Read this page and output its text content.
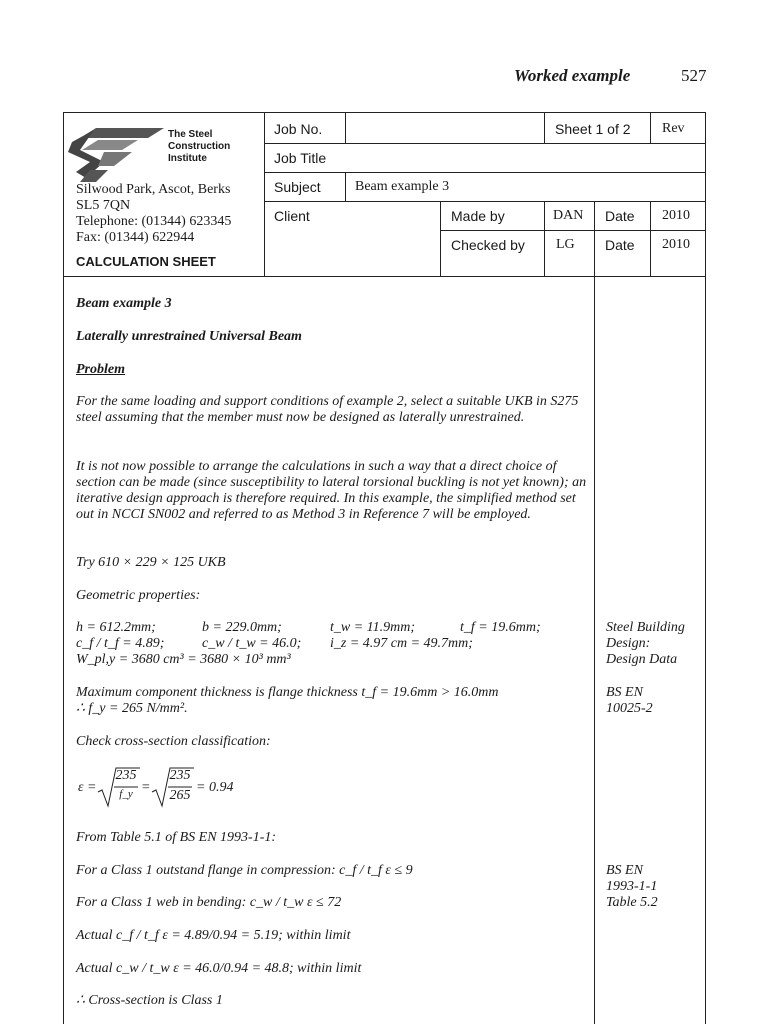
Worked example	527
The Steel
Construction
Institute
Silwood Park, Ascot, Berks
SL5 7QN
Telephone: (01344) 623345
Fax: (01344) 622944
CALCULATION SHEET
Job No.	Sheet 1 of 2 Rev
Job Title
Subject Beam example 3
Client	Made by	DAN Date 2010
Checked by LG Date 2010
Beam example 3
Laterally unrestrained Universal Beam
Problem
For the same loading and support conditions of example 2, select a suitable UKB in S275 steel assuming that the member must now be designed as laterally unrestrained.
It is not now possible to arrange the calculations in such a way that a direct choice of section can be made (since susceptibility to lateral torsional buckling is not yet known); an iterative design approach is therefore required. In this example, the simplified method set out in NCCI SN002 and referred to as Method 3 in Reference 7 will be employed.
Try 610 × 229 × 125 UKB
Geometric properties:
h = 612.2mm;	b = 229.0mm;	t_w = 11.9mm;	t_f = 19.6mm;
c_f / t_f = 4.89;	c_w / t_w = 46.0; i_z = 4.97 cm = 49.7mm;
W_pl,y = 3680 cm³ = 3680 × 10³ mm³
Maximum component thickness is flange thickness t_f = 19.6mm > 16.0mm
∴ f_y = 265 N/mm².
Check cross-section classification:
ε =
235
f_y =
235
265
= 0.94
From Table 5.1 of BS EN 1993-1-1:
For a Class 1 outstand flange in compression: c_f / t_f ε ≤ 9
For a Class 1 web in bending: c_w / t_w ε ≤ 72
Actual c_f / t_f ε = 4.89/0.94 = 5.19; within limit
Actual c_w / t_w ε = 46.0/0.94 = 48.8; within limit
∴ Cross-section is Class 1
Steel Building
Design:
Design Data
BS EN
10025-2
BS EN
1993-1-1
Table 5.2
